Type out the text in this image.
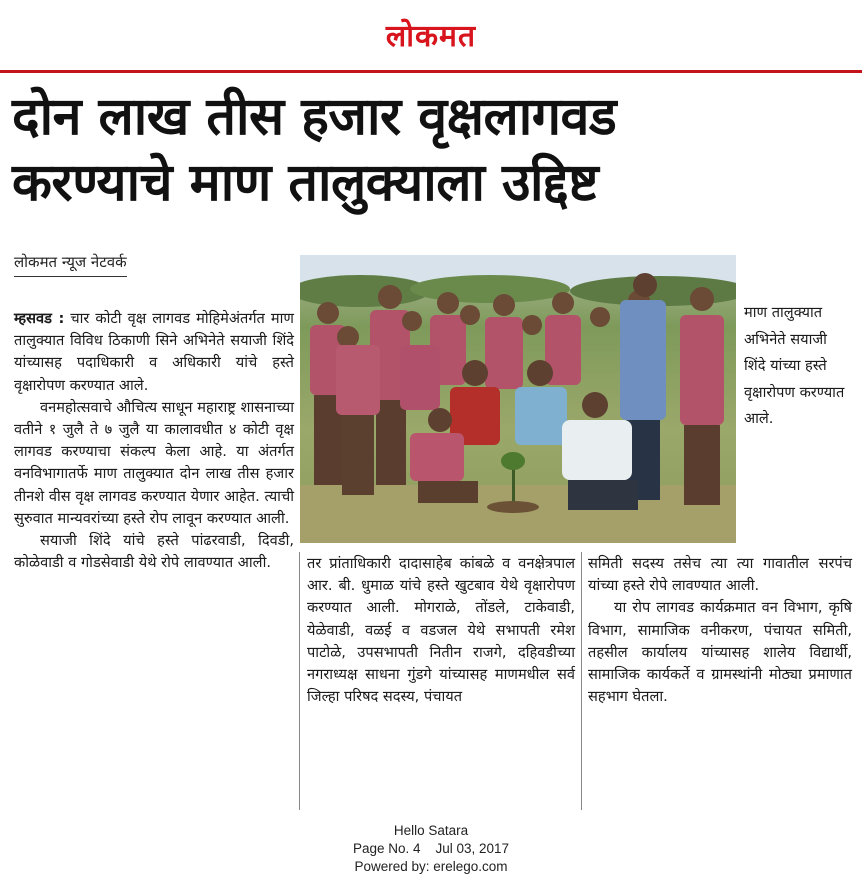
लोकमत
दोन लाख तीस हजार वृक्षलागवड
करण्याचे माण तालुक्याला उद्दिष्ट
लोकमत न्यूज नेटवर्क

म्हसवड : चार कोटी वृक्ष लागवड मोहिमेअंतर्गत माण तालुक्यात विविध ठिकाणी सिने अभिनेते सयाजी शिंदे यांच्यासह पदाधिकारी व अधिकारी यांचे हस्ते वृक्षारोपण करण्यात आले.

वनमहोत्सवाचे औचित्य साधून महाराष्ट्र शासनाच्या वतीने १ जुलै ते ७ जुलै या कालावधीत ४ कोटी वृक्ष लागवड करण्याचा संकल्प केला आहे. या अंतर्गत वनविभागातर्फे माण तालुक्यात दोन लाख तीस हजार तीनशे वीस वृक्ष लागवड करण्यात येणार आहेत. त्याची सुरुवात मान्यवरांच्या हस्ते रोप लावून करण्यात आली.

सयाजी शिंदे यांचे हस्ते पांढरवाडी, दिवडी, कोळेवाडी व गोडसेवाडी येथे रोपे लावण्यात आली.

माण तालुक्यात अभिनेते सयाजी शिंदे यांच्या हस्ते वृक्षारोपण करण्यात आले.

तर प्रांताधिकारी दादासाहेब कांबळे व वनक्षेत्रपाल आर. बी. धुमाळ यांचे हस्ते खुटबाव येथे वृक्षारोपण करण्यात आली. मोगराळे, तोंडले, टाकेवाडी, येळेवाडी, वळई व वडजल येथे सभापती रमेश पाटोळे, उपसभापती नितीन राजगे, दहिवडीच्या नगराध्यक्ष साधना गुंडगे यांच्यासह माणमधील सर्व जिल्हा परिषद सदस्य, पंचायत

समिती सदस्य तसेच त्या त्या गावातील सरपंच यांच्या हस्ते रोपे लावण्यात आली.

या रोप लागवड कार्यक्रमात वन विभाग, कृषि विभाग, सामाजिक वनीकरण, पंचायत समिती, तहसील कार्यालय यांच्यासह शालेय विद्यार्थी, सामाजिक कार्यकर्ते व ग्रामस्थांनी मोठ्या प्रमाणात सहभाग घेतला.

Hello Satara
Page No. 4    Jul 03, 2017
Powered by: erelego.com
